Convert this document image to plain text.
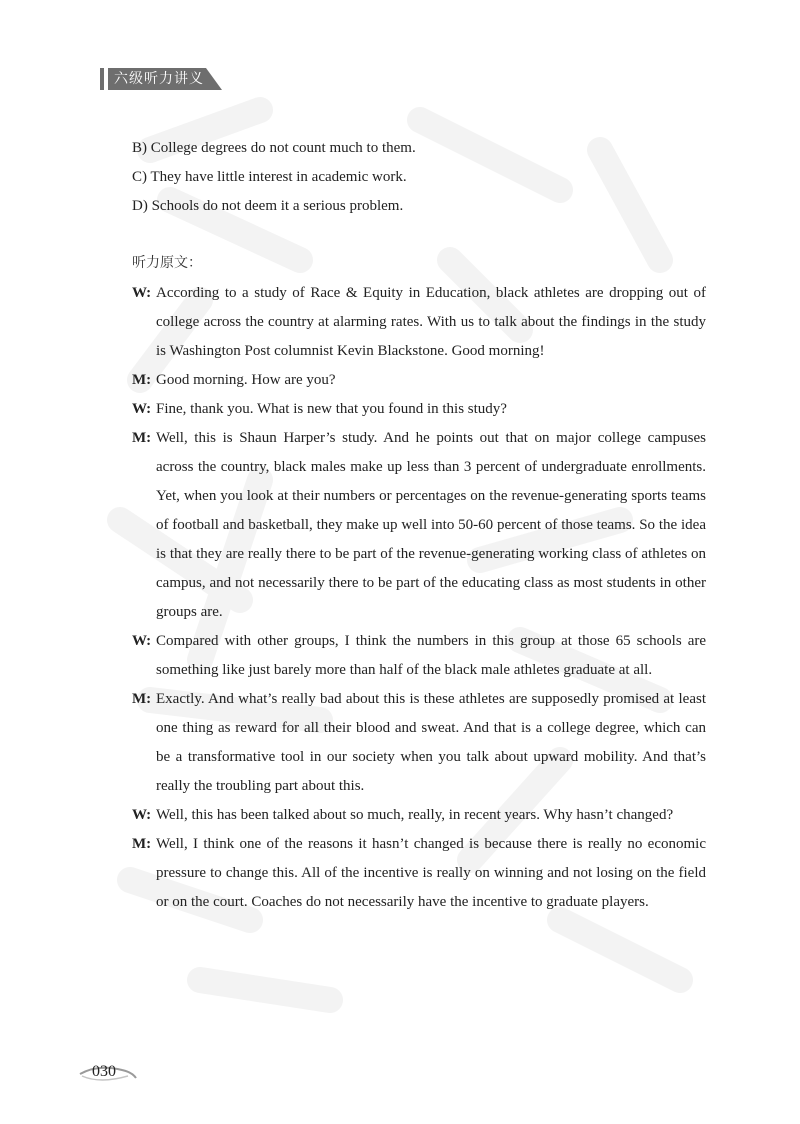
六级听力讲义
B) College degrees do not count much to them.
C) They have little interest in academic work.
D) Schools do not deem it a serious problem.
听力原文：
W: According to a study of Race & Equity in Education, black athletes are dropping out of college across the country at alarming rates. With us to talk about the findings in the study is Washington Post columnist Kevin Blackstone. Good morning!
M: Good morning. How are you?
W: Fine, thank you. What is new that you found in this study?
M: Well, this is Shaun Harper’s study. And he points out that on major college campuses across the country, black males make up less than 3 percent of undergraduate enrollments. Yet, when you look at their numbers or percentages on the revenue-generating sports teams of football and basketball, they make up well into 50-60 percent of those teams. So the idea is that they are really there to be part of the revenue-generating working class of athletes on campus, and not necessarily there to be part of the educating class as most students in other groups are.
W: Compared with other groups, I think the numbers in this group at those 65 schools are something like just barely more than half of the black male athletes graduate at all.
M: Exactly. And what’s really bad about this is these athletes are supposedly promised at least one thing as reward for all their blood and sweat. And that is a college degree, which can be a transformative tool in our society when you talk about upward mobility. And that’s really the troubling part about this.
W: Well, this has been talked about so much, really, in recent years. Why hasn’t changed?
M: Well, I think one of the reasons it hasn’t changed is because there is really no economic pressure to change this. All of the incentive is really on winning and not losing on the field or on the court. Coaches do not necessarily have the incentive to graduate players.
030
